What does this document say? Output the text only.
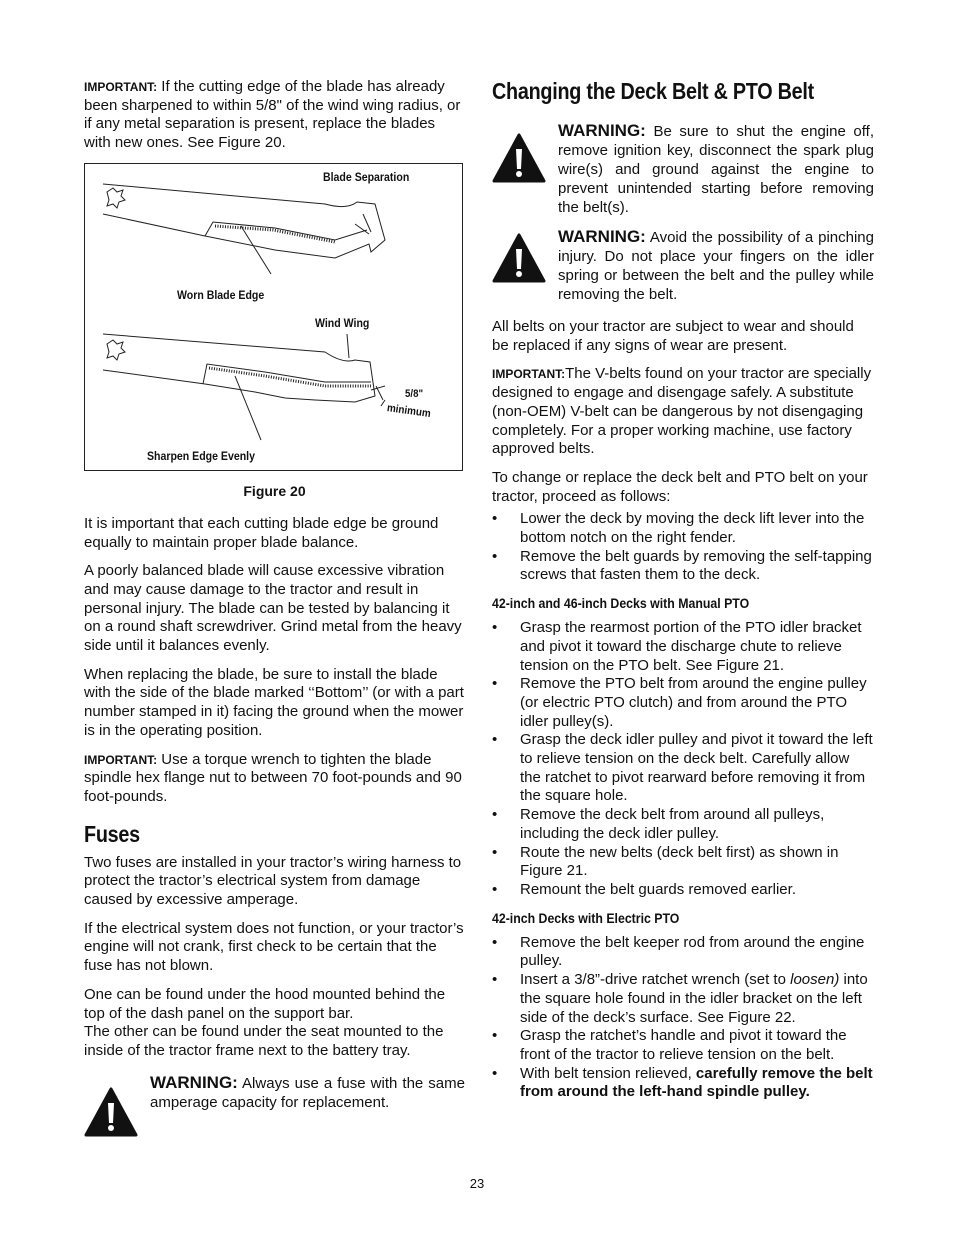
IMPORTANT: If the cutting edge of the blade has already been sharpened to within 5/8" of the wind wing radius, or if any metal separation is present, replace the blades with new ones. See Figure 20.

Blade Separation
Worn Blade Edge
Wind Wing
5/8"
minimum
Sharpen Edge Evenly
Figure 20

It is important that each cutting blade edge be ground equally to maintain proper blade balance.

A poorly balanced blade will cause excessive vibration and may cause damage to the tractor and result in personal injury. The blade can be tested by balancing it on a round shaft screwdriver. Grind metal from the heavy side until it balances evenly.

When replacing the blade, be sure to install the blade with the side of the blade marked ‘‘Bottom’’ (or with a part number stamped in it) facing the ground when the mower is in the operating position.

IMPORTANT: Use a torque wrench to tighten the blade spindle hex flange nut to between 70 foot-pounds and 90 foot-pounds.

Fuses

Two fuses are installed in your tractor’s wiring harness to protect the tractor’s electrical system from damage caused by excessive amperage.

If the electrical system does not function, or your tractor’s engine will not crank, first check to be certain that the fuse has not blown.

One can be found under the hood mounted behind the top of the dash panel on the support bar.
The other can be found under the seat mounted to the inside of the tractor frame next to the battery tray.

WARNING: Always use a fuse with the same amperage capacity for replacement.
Changing the Deck Belt & PTO Belt
WARNING: Be sure to shut the engine off, remove ignition key, disconnect the spark plug wire(s) and ground against the engine to prevent unintended starting before removing the belt(s).
WARNING: Avoid the possibility of a pinching injury. Do not place your fingers on the idler spring or between the belt and the pulley while removing the belt.

All belts on your tractor are subject to wear and should be replaced if any signs of wear are present.

IMPORTANT:The V-belts found on your tractor are specially designed to engage and disengage safely. A substitute (non-OEM) V-belt can be dangerous by not disengaging completely. For a proper working machine, use factory approved belts.

To change or replace the deck belt and PTO belt on your tractor, proceed as follows:

• Lower the deck by moving the deck lift lever into the bottom notch on the right fender.
• Remove the belt guards by removing the self-tapping screws that fasten them to the deck.
42-inch and 46-inch Decks with Manual PTO
• Grasp the rearmost portion of the PTO idler bracket and pivot it toward the discharge chute to relieve tension on the PTO belt. See Figure 21.
• Remove the PTO belt from around the engine pulley (or electric PTO clutch) and from around the PTO idler pulley(s).
• Grasp the deck idler pulley and pivot it toward the left to relieve tension on the deck belt. Carefully allow the ratchet to pivot rearward before removing it from the square hole.
• Remove the deck belt from around all pulleys, including the deck idler pulley.
• Route the new belts (deck belt first) as shown in Figure 21.
• Remount the belt guards removed earlier.
42-inch Decks with Electric PTO
• Remove the belt keeper rod from around the engine pulley.
• Insert a 3/8”-drive ratchet wrench (set to loosen) into the square hole found in the idler bracket on the left side of the deck’s surface. See Figure 22.
• Grasp the ratchet’s handle and pivot it toward the front of the tractor to relieve tension on the belt.
• With belt tension relieved, carefully remove the belt from around the left-hand spindle pulley.
23
